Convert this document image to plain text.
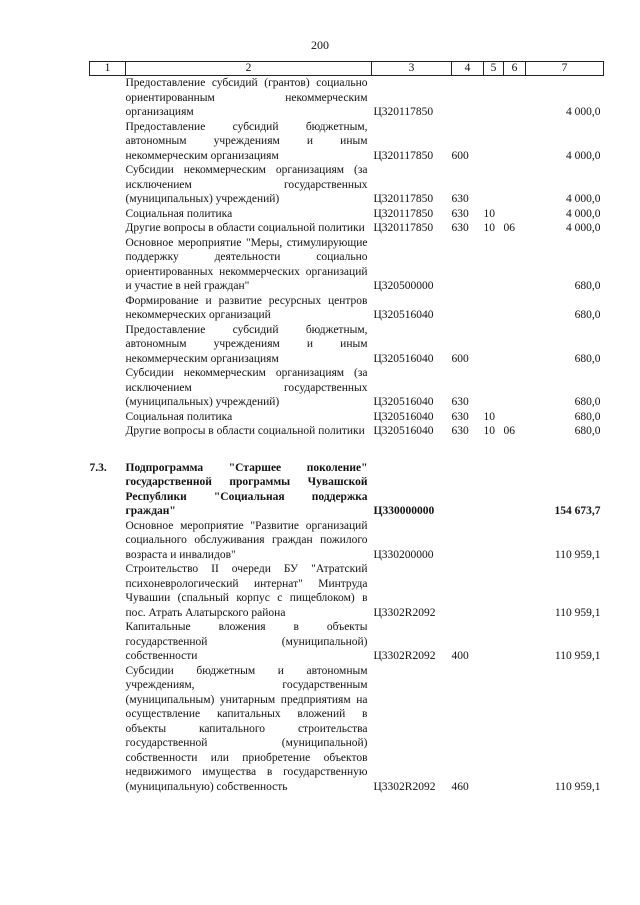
200
1	2	3	4	5	6	7
	Предоставление субсидий (грантов) социально ориентированным некоммерческим организациям	Ц320117850				4 000,0
	Предоставление субсидий бюджетным, автономным учреждениям и иным некоммерческим организациям	Ц320117850	600			4 000,0
	Субсидии некоммерческим организациям (за исключением государственных (муниципальных) учреждений)	Ц320117850	630			4 000,0
	Социальная политика	Ц320117850	630	10		4 000,0
	Другие вопросы в области социальной политики	Ц320117850	630	10	06	4 000,0
	Основное мероприятие "Меры, стимулирующие поддержку деятельности социально ориентированных некоммерческих организаций и участие в ней граждан"	Ц320500000				680,0
	Формирование и развитие ресурсных центров некоммерческих организаций	Ц320516040				680,0
	Предоставление субсидий бюджетным, автономным учреждениям и иным некоммерческим организациям	Ц320516040	600			680,0
	Субсидии некоммерческим организациям (за исключением государственных (муниципальных) учреждений)	Ц320516040	630			680,0
	Социальная политика	Ц320516040	630	10		680,0
	Другие вопросы в области социальной политики	Ц320516040	630	10	06	680,0

7.3.	Подпрограмма "Старшее поколение" государственной программы Чувашской Республики "Социальная поддержка граждан"	Ц330000000				154 673,7
	Основное мероприятие "Развитие организаций социального обслуживания граждан пожилого возраста и инвалидов"	Ц330200000				110 959,1
	Строительство II очереди БУ "Атратский психоневрологический интернат" Минтруда Чувашии (спальный корпус с пищеблоком) в пос. Атрать Алатырского района	Ц3302R2092				110 959,1
	Капитальные вложения в объекты государственной (муниципальной) собственности	Ц3302R2092	400			110 959,1
	Субсидии бюджетным и автономным учреждениям, государственным (муниципальным) унитарным предприятиям на осуществление капитальных вложений в объекты капитального строительства государственной (муниципальной) собственности или приобретение объектов недвижимого имущества в государственную (муниципальную) собственность	Ц3302R2092	460			110 959,1
